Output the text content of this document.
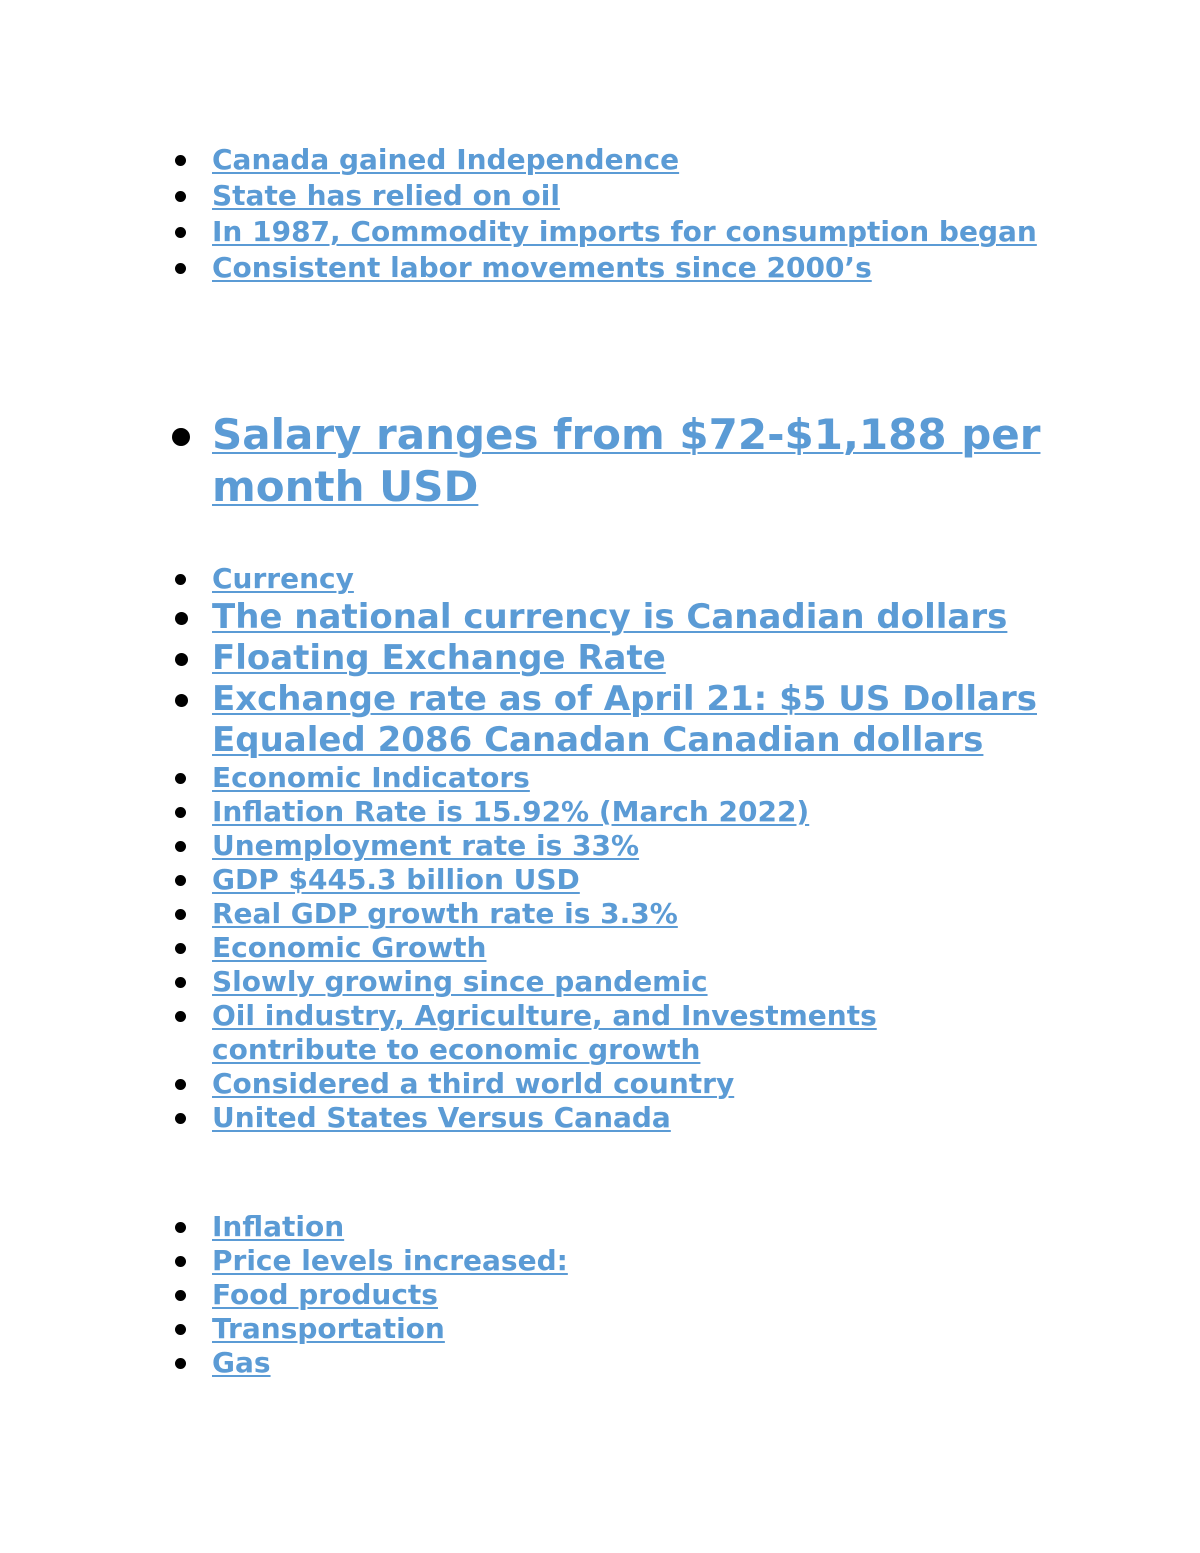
Canada gained Independence
State has relied on oil
In 1987, Commodity imports for consumption began
Consistent labor movements since 2000’s
Salary ranges from $72-$1,188 per month USD
Currency
The national currency is Canadian dollars
Floating Exchange Rate
Exchange rate as of April 21: $5 US Dollars Equaled 2086 Canadan Canadian dollars
Economic Indicators
Inflation Rate is 15.92% (March 2022)
Unemployment rate is 33%
GDP $445.3 billion USD
Real GDP growth rate is 3.3%
Economic Growth
Slowly growing since pandemic
Oil industry, Agriculture, and Investments contribute to economic growth
Considered a third world country
United States Versus Canada
Inflation
Price levels increased:
Food products
Transportation
Gas
